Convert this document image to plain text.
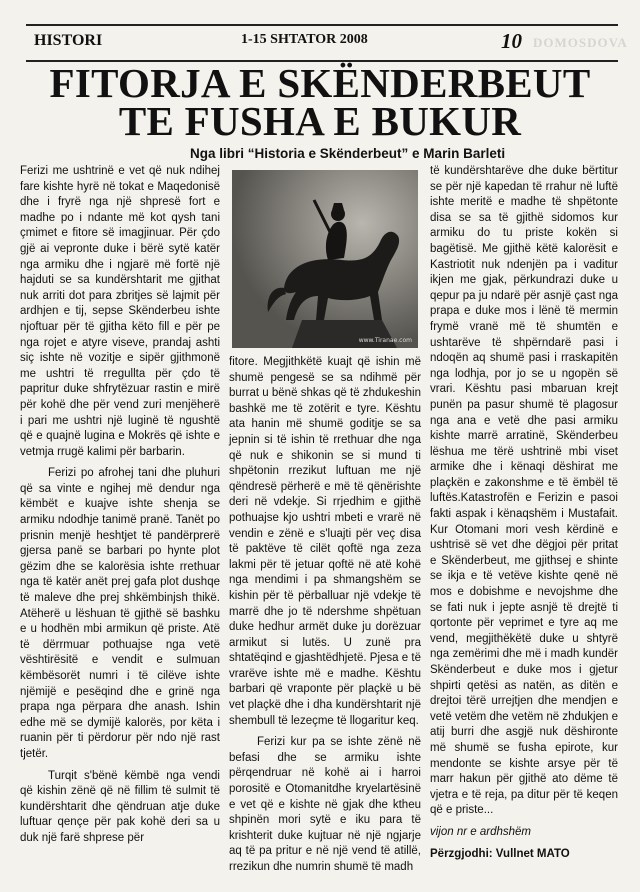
HISTORI	1-15 SHTATOR 2008	10 DOMOSDOVA
FITORJA E SKËNDERBEUT
TE FUSHA E BUKUR
Nga libri “Historia e Skënderbeut” e Marin Barleti

Ferizi me ushtrinë e vet që nuk ndihej fare kishte hyrë në tokat e Maqedonisë dhe i fryrë nga një shpresë fort e madhe po i ndante më kot qysh tani çmimet e fitore së imagjinuar. Për çdo gjë ai vepronte duke i bërë sytë katër nga armiku dhe i ngjarë më fortë një hajduti se sa kundërshtarit me gjithat nuk arriti dot para zbritjes së lajmit për ardhjen e tij, sepse Skënderbeu ishte njoftuar për të gjitha këto fill e për pe nga rojet e atyre viseve, prandaj ashti siç ishte në vozitje e sipër gjithmonë me ushtri të rregullta për çdo të papritur duke shfrytëzuar rastin e mirë për kohë dhe për vend zuri menjëherë i pari me ushtri një luginë të ngushtë që e quajnë lugina e Mokrës që ishte e vetmja rrugë kalimi për barbarin.

Ferizi po afrohej tani dhe pluhuri që sa vinte e ngihej më dendur nga këmbët e kuajve ishte shenja se armiku ndodhje tanimë pranë. Tanët po prisnin menjë heshtjet të pandërprerë gjersa panë se barbari po hynte plot gëzim dhe se kalorësia ishte rrethuar nga të katër anët prej gafa plot dushqe të maleve dhe prej shkëmbinjsh thikë. Atëherë u lëshuan të gjithë së bashku e u hodhën mbi armikun që priste. Atë të dërrmuar pothuajse nga vetë vështirësitë e vendit e sulmuan këmbësorët numri i të cilëve ishte njëmijë e pesëqind dhe e grinë nga prapa nga përpara dhe anash. Ishin edhe më se dymijë kalorës, por këta i ruanin për ti përdorur për ndo një rast tjetër.

Turqit s'bënë këmbë nga vendi që kishin zënë që në fillim të sulmit të kundërshtarit dhe qëndruan atje duke luftuar qençe për pak kohë deri sa u duk një farë shprese për

www.Tiranae.com

fitore. Megjithkëtë kuajt që ishin më shumë pengesë se sa ndihmë për burrat u bënë shkas që të zhdukeshin bashkë me të zotërit e tyre. Kështu ata hanin më shumë goditje se sa jepnin si të ishin të rrethuar dhe nga që nuk e shikonin se si mund ti shpëtonin rrezikut luftuan me një qëndresë përherë e më të qënërishte deri në vdekje. Si rrjedhim e gjithë pothuajse kjo ushtri mbeti e vrarë në vendin e zënë e s'luajti për veç disa të paktëve të cilët qoftë nga zeza lakmi për të jetuar qoftë në atë kohë nga mendimi i pa shmangshëm se kishin për të përballuar një vdekje të marrë dhe jo të ndershme shpëtuan duke hedhur armët duke ju dorëzuar armikut si lutës. U zunë pra shtatëqind e gjashtëdhjetë. Pjesa e të vrarëve ishte më e madhe. Kështu barbari që vraponte për plaçkë u bë vet plaçkë dhe i dha kundërshtarit një shembull të lezeçme të llogaritur keq.

Ferizi kur pa se ishte zënë në befasi dhe se armiku ishte përqendruar në kohë ai i harroi porositë e Otomanitdhe kryelartësinë e vet që e kishte në gjak dhe ktheu shpinën mori sytë e iku para të krishterit duke kujtuar në një ngjarje aq të pa pritur e në një vend të atillë, rrezikun dhe numrin shumë të madh

të kundërshtarëve dhe duke bërtitur se për një kapedan të rrahur në luftë ishte meritë e madhe të shpëtonte disa se sa të gjithë sidomos kur armiku do tu priste kokën si bagëtisë. Me gjithë këtë kalorësit e Kastriotit nuk ndenjën pa i vaditur ikjen me gjak, përkundrazi duke u qepur pa ju ndarë për asnjë çast nga prapa e duke mos i lënë të mermin frymë vranë më të shumtën e ushtarëve të shpërndarë pasi i ndoqën aq shumë pasi i rraskapitën nga lodhja, por jo se u ngopën së vrari. Kështu pasi mbaruan krejt punën pa pasur shumë të plagosur nga ana e vetë dhe pasi armiku kishte marrë arratinë, Skënderbeu lëshua me tërë ushtrinë mbi viset armike dhe i kënaqi dëshirat me plaçkën e zakonshme e të ëmbël të luftës.Katastrofën e Ferizin e pasoi fakti aspak i kënaqshëm i Mustafait. Kur Otomani mori vesh kërdinë e ushtrisë së vet dhe dëgjoi për pritat e Skënderbeut, me gjithsej e shinte se ikja e të vetëve kishte qenë në mos e dobishme e nevojshme dhe se fati nuk i jepte asnjë të drejtë ti qortonte për veprimet e tyre aq me vend, megjithëkëtë duke u shtyrë nga zemërimi dhe më i madh kundër Skënderbeut e duke mos i gjetur shpirti qetësi as natën, as ditën e drejtoi tërë urrejtjen dhe mendjen e vetë vetëm dhe vetëm në zhdukjen e atij burri dhe asgjë nuk dëshironte më shumë se fusha epirote, kur mendonte se kishte arsye për të marr hakun për gjithë ato dëme të vjetra e të reja, pa ditur për të keqen që e priste...

vijon nr e ardhshëm

Përzgjodhi: Vullnet MATO
